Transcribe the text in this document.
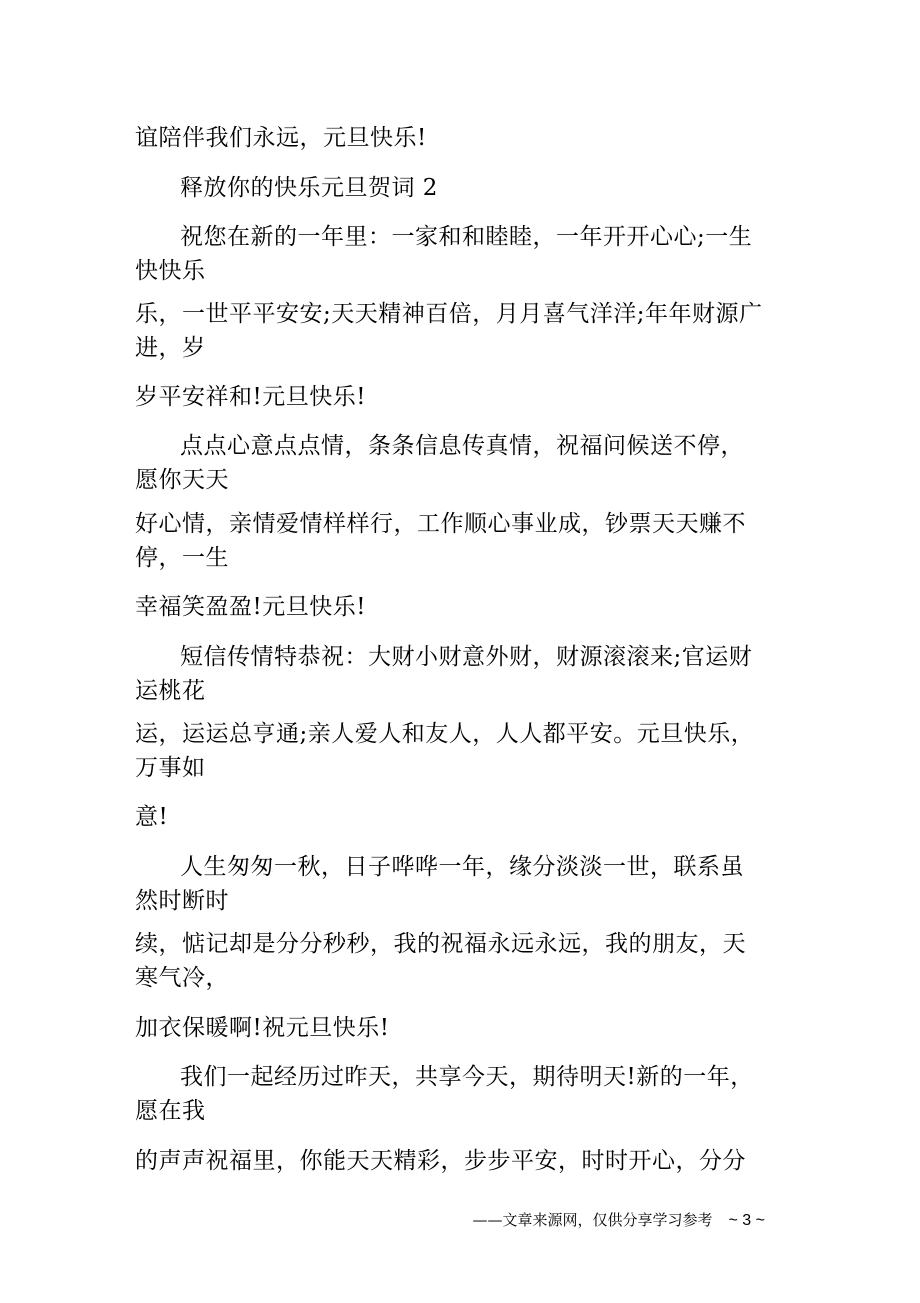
谊陪伴我们永远，元旦快乐!
释放你的快乐元旦贺词 2
祝您在新的一年里：一家和和睦睦，一年开开心心;一生
快快乐
乐，一世平平安安;天天精神百倍，月月喜气洋洋;年年财源广
进，岁
岁平安祥和!元旦快乐!
点点心意点点情，条条信息传真情，祝福问候送不停，
愿你天天
好心情，亲情爱情样样行，工作顺心事业成，钞票天天赚不
停，一生
幸福笑盈盈!元旦快乐!
短信传情特恭祝：大财小财意外财，财源滚滚来;官运财
运桃花
运，运运总亨通;亲人爱人和友人，人人都平安。元旦快乐，
万事如
意!
人生匆匆一秋，日子哗哗一年，缘分淡淡一世，联系虽
然时断时
续，惦记却是分分秒秒，我的祝福永远永远，我的朋友，天
寒气冷，
加衣保暖啊!祝元旦快乐!
我们一起经历过昨天，共享今天，期待明天!新的一年，
愿在我
的声声祝福里，你能天天精彩，步步平安，时时开心，分分
——文章来源网，仅供分享学习参考 ~ 3 ~
